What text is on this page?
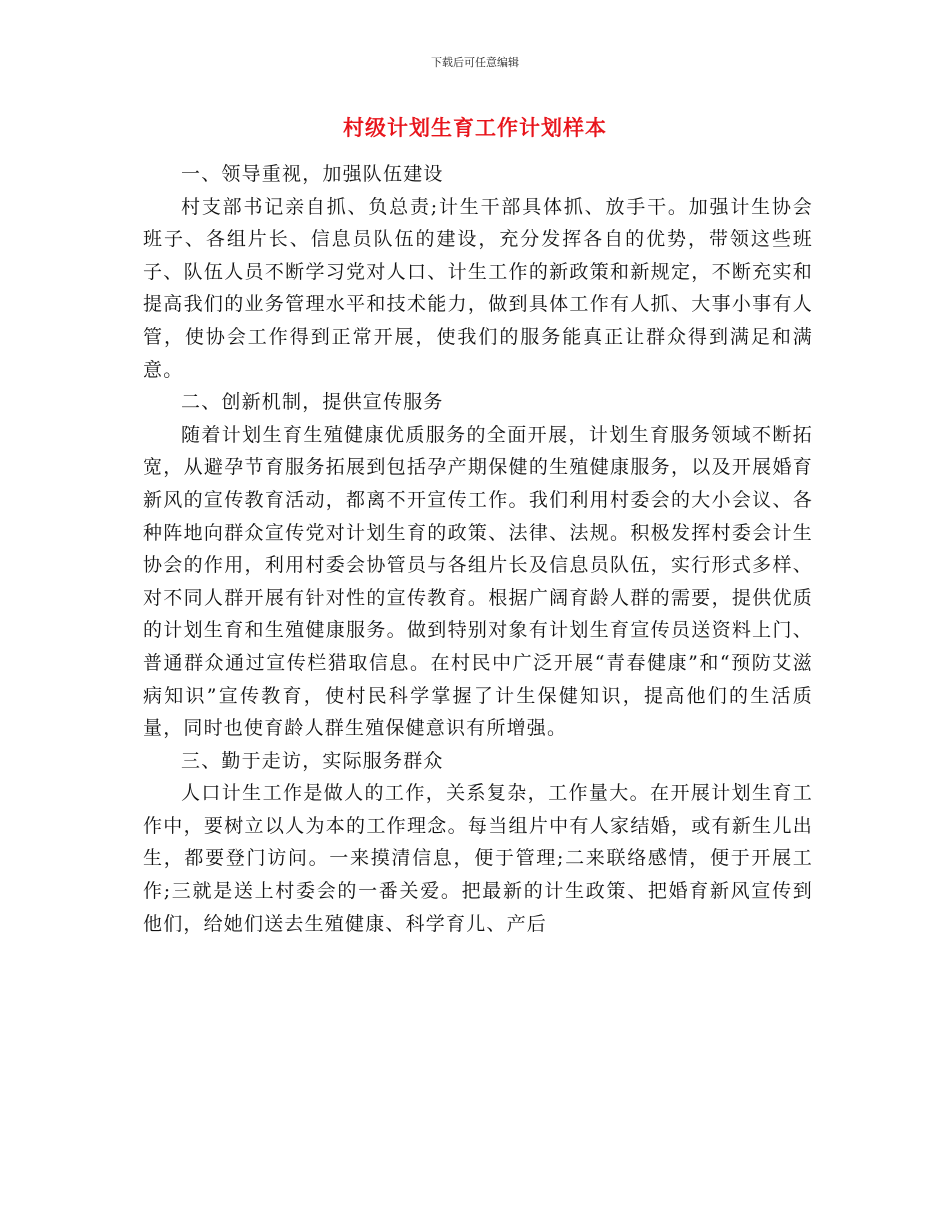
下载后可任意编辑
村级计划生育工作计划样本

一、领导重视，加强队伍建设

村支部书记亲自抓、负总责;计生干部具体抓、放手干。加强计生协会班子、各组片长、信息员队伍的建设，充分发挥各自的优势，带领这些班子、队伍人员不断学习党对人口、计生工作的新政策和新规定，不断充实和提高我们的业务管理水平和技术能力，做到具体工作有人抓、大事小事有人管，使协会工作得到正常开展，使我们的服务能真正让群众得到满足和满意。

二、创新机制，提供宣传服务

随着计划生育生殖健康优质服务的全面开展，计划生育服务领域不断拓宽，从避孕节育服务拓展到包括孕产期保健的生殖健康服务，以及开展婚育新风的宣传教育活动，都离不开宣传工作。我们利用村委会的大小会议、各种阵地向群众宣传党对计划生育的政策、法律、法规。积极发挥村委会计生协会的作用，利用村委会协管员与各组片长及信息员队伍，实行形式多样、对不同人群开展有针对性的宣传教育。根据广阔育龄人群的需要，提供优质的计划生育和生殖健康服务。做到特别对象有计划生育宣传员送资料上门、普通群众通过宣传栏猎取信息。在村民中广泛开展“青春健康”和“预防艾滋病知识”宣传教育，使村民科学掌握了计生保健知识，提高他们的生活质量，同时也使育龄人群生殖保健意识有所增强。

三、勤于走访，实际服务群众

人口计生工作是做人的工作，关系复杂，工作量大。在开展计划生育工作中，要树立以人为本的工作理念。每当组片中有人家结婚，或有新生儿出生，都要登门访问。一来摸清信息，便于管理;二来联络感情，便于开展工作;三就是送上村委会的一番关爱。把最新的计生政策、把婚育新风宣传到他们，给她们送去生殖健康、科学育儿、产后
